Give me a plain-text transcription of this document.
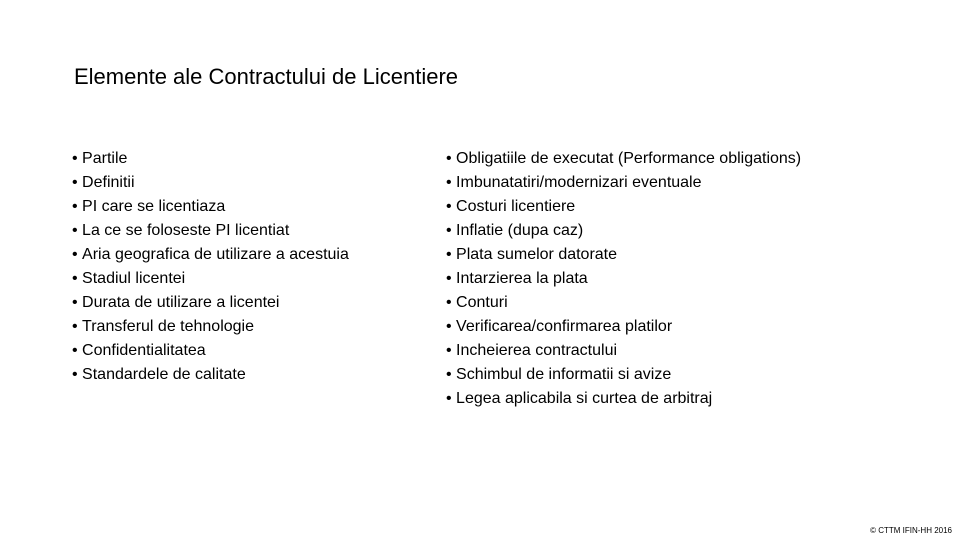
Elemente ale Contractului de Licentiere
• Partile
• Definitii
• PI care se licentiaza
• La ce se foloseste PI licentiat
• Aria geografica de utilizare a acestuia
• Stadiul licentei
• Durata de utilizare a licentei
• Transferul de tehnologie
• Confidentialitatea
• Standardele de calitate
• Obligatiile de executat (Performance obligations)
• Imbunatatiri/modernizari eventuale
• Costuri licentiere
• Inflatie (dupa caz)
• Plata sumelor datorate
• Intarzierea la plata
• Conturi
• Verificarea/confirmarea platilor
• Incheierea contractului
• Schimbul de informatii si avize
• Legea aplicabila si curtea de arbitraj
© CTTM IFIN-HH 2016
